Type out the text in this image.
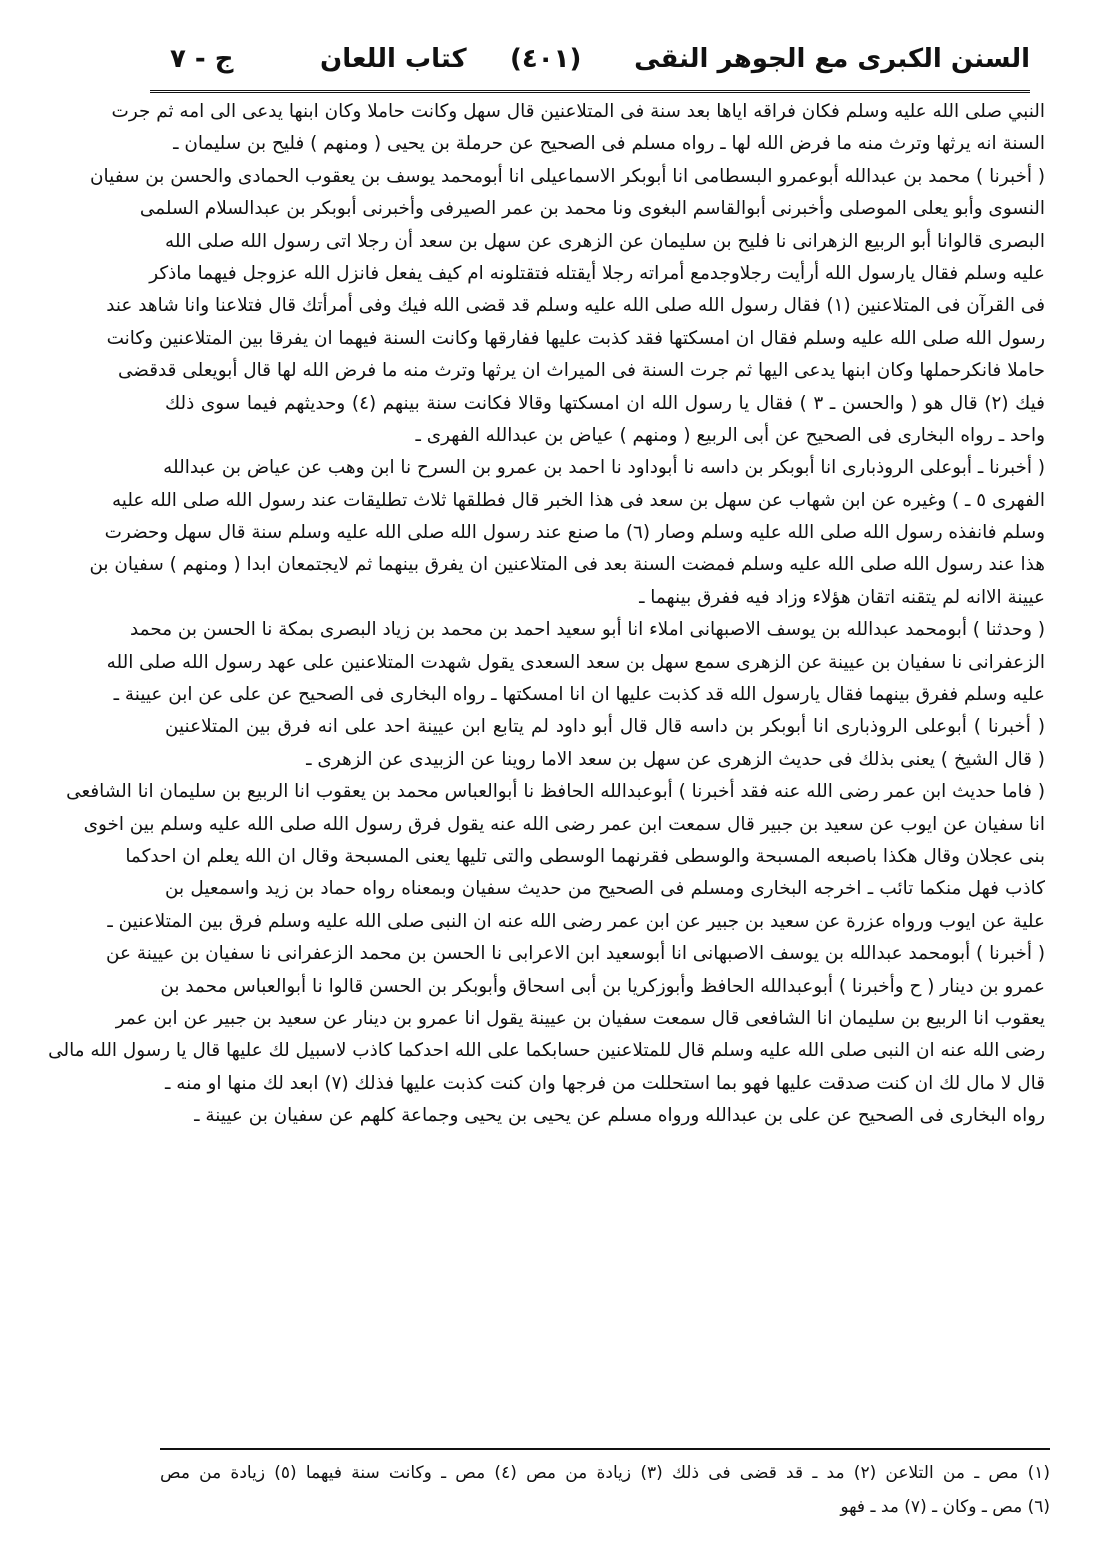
السنن الكبرى مع الجوهر النقى
(٤٠١)
كتاب اللعان
ج - ٧
النبي صلى الله عليه وسلم فكان فراقه اياها بعد سنة فى المتلاعنين قال سهل وكانت حاملا وكان ابنها يدعى الى امه ثم جرت
السنة انه يرثها وترث منه ما فرض الله لها ـ رواه مسلم فى الصحيح عن حرملة بن يحيى ( ومنهم ) فليح بن سليمان ـ
( أخبرنا ) محمد بن عبدالله أبوعمرو البسطامى انا أبوبكر الاسماعيلى انا أبومحمد يوسف بن يعقوب الحمادى والحسن بن سفيان
النسوى وأبو يعلى الموصلى وأخبرنى أبوالقاسم البغوى ونا محمد بن عمر الصيرفى وأخبرنى أبوبكر بن عبدالسلام السلمى
البصرى قالوانا أبو الربيع الزهرانى نا فليح بن سليمان عن الزهرى عن سهل بن سعد أن رجلا اتى رسول الله صلى الله
عليه وسلم فقال يارسول الله أرأيت رجلاوجدمع أمراته رجلا أيقتله فتقتلونه ام كيف يفعل فانزل الله عزوجل فيهما ماذكر
فى القرآن فى المتلاعنين (١) فقال رسول الله صلى الله عليه وسلم قد قضى الله فيك وفى أمرأتك قال فتلاعنا وانا شاهد عند
رسول الله صلى الله عليه وسلم فقال ان امسكتها فقد كذبت عليها ففارقها وكانت السنة فيهما ان يفرقا بين المتلاعنين وكانت
حاملا فانكرحملها وكان ابنها يدعى اليها ثم جرت السنة فى الميراث ان يرثها وترث منه ما فرض الله لها قال أبويعلى قدقضى
فيك (٢) قال هو ( والحسن ـ ٣ ) فقال يا رسول الله ان امسكتها وقالا فكانت سنة بينهم (٤) وحديثهم فيما سوى ذلك
واحد ـ رواه البخارى فى الصحيح عن أبى الربيع ( ومنهم ) عياض بن عبدالله الفهرى ـ
( أخبرنا ـ أبوعلى الروذبارى انا أبوبكر بن داسه نا أبوداود نا احمد بن عمرو بن السرح نا ابن وهب عن عياض بن عبدالله
الفهرى ٥ ـ ) وغيره عن ابن شهاب عن سهل بن سعد فى هذا الخبر قال فطلقها ثلاث تطليقات عند رسول الله صلى الله عليه
وسلم فانفذه رسول الله صلى الله عليه وسلم وصار (٦) ما صنع عند رسول الله صلى الله عليه وسلم سنة قال سهل وحضرت
هذا عند رسول الله صلى الله عليه وسلم فمضت السنة بعد فى المتلاعنين ان يفرق بينهما ثم لايجتمعان ابدا ( ومنهم ) سفيان بن
عيينة الاانه لم يتقنه اتقان هؤلاء وزاد فيه ففرق بينهما ـ
( وحدثنا ) أبومحمد عبدالله بن يوسف الاصبهانى املاء انا أبو سعيد احمد بن محمد بن زياد البصرى بمكة نا الحسن بن محمد
الزعفرانى نا سفيان بن عيينة عن الزهرى سمع سهل بن سعد السعدى يقول شهدت المتلاعنين على عهد رسول الله صلى الله
عليه وسلم ففرق بينهما فقال يارسول الله قد كذبت عليها ان انا امسكتها ـ رواه البخارى فى الصحيح عن على عن ابن عيينة ـ
( أخبرنا ) أبوعلى الروذبارى انا أبوبكر بن داسه قال قال أبو داود لم يتابع ابن عيينة احد على انه فرق بين المتلاعنين
( قال الشيخ ) يعنى بذلك فى حديث الزهرى عن سهل بن سعد الاما روينا عن الزبيدى عن الزهرى ـ
( فاما حديث ابن عمر رضى الله عنه فقد أخبرنا ) أبوعبدالله الحافظ نا أبوالعباس محمد بن يعقوب انا الربيع بن سليمان انا الشافعى
انا سفيان عن ايوب عن سعيد بن جبير قال سمعت ابن عمر رضى الله عنه يقول فرق رسول الله صلى الله عليه وسلم بين اخوى
بنى عجلان وقال هكذا باصبعه المسبحة والوسطى فقرنهما الوسطى والتى تليها يعنى المسبحة وقال ان الله يعلم ان احدكما
كاذب فهل منكما تائب ـ اخرجه البخارى ومسلم فى الصحيح من حديث سفيان وبمعناه رواه حماد بن زيد واسمعيل بن
علية عن ايوب ورواه عزرة عن سعيد بن جبير عن ابن عمر رضى الله عنه ان النبى صلى الله عليه وسلم فرق بين المتلاعنين ـ
( أخبرنا ) أبومحمد عبدالله بن يوسف الاصبهانى انا أبوسعيد ابن الاعرابى نا الحسن بن محمد الزعفرانى نا سفيان بن عيينة عن
عمرو بن دينار ( ح وأخبرنا ) أبوعبدالله الحافظ وأبوزكريا بن أبى اسحاق وأبوبكر بن الحسن قالوا نا أبوالعباس محمد بن
يعقوب انا الربيع بن سليمان انا الشافعى قال سمعت سفيان بن عيينة يقول انا عمرو بن دينار عن سعيد بن جبير عن ابن عمر
رضى الله عنه ان النبى صلى الله عليه وسلم قال للمتلاعنين حسابكما على الله احدكما كاذب لاسبيل لك عليها قال يا رسول الله مالى
قال لا مال لك ان كنت صدقت عليها فهو بما استحللت من فرجها وان كنت كذبت عليها فذلك (٧) ابعد لك منها او منه ـ
رواه البخارى فى الصحيح عن على بن عبدالله ورواه مسلم عن يحيى بن يحيى وجماعة كلهم عن سفيان بن عيينة ـ
(١) مص ـ من التلاعن (٢) مد ـ قد قضى فى ذلك (٣) زيادة من مص (٤) مص ـ وكانت سنة فيهما (٥) زيادة من مص
(٦) مص ـ وكان ـ (٧) مد ـ فهو
